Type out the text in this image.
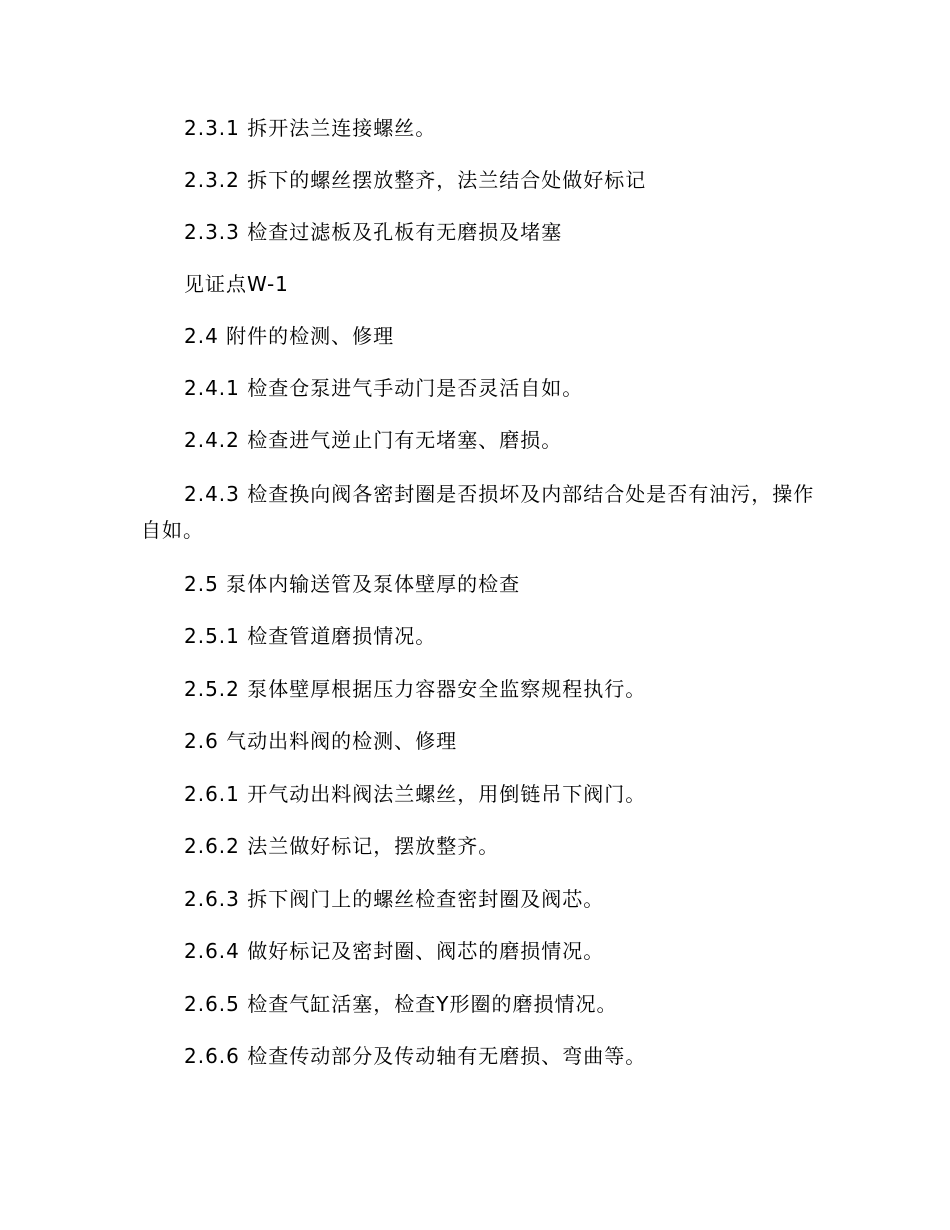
2.3.1 拆开法兰连接螺丝。

2.3.2 拆下的螺丝摆放整齐，法兰结合处做好标记

2.3.3 检查过滤板及孔板有无磨损及堵塞

见证点W-1

2.4 附件的检测、修理

2.4.1 检查仓泵进气手动门是否灵活自如。

2.4.2 检查进气逆止门有无堵塞、磨损。

2.4.3 检查换向阀各密封圈是否损坏及内部结合处是否有油污，操作自如。

2.5 泵体内输送管及泵体壁厚的检查

2.5.1 检查管道磨损情况。

2.5.2 泵体壁厚根据压力容器安全监察规程执行。

2.6 气动出料阀的检测、修理

2.6.1 开气动出料阀法兰螺丝，用倒链吊下阀门。

2.6.2 法兰做好标记，摆放整齐。

2.6.3 拆下阀门上的螺丝检查密封圈及阀芯。

2.6.4 做好标记及密封圈、阀芯的磨损情况。

2.6.5 检查气缸活塞，检查Y形圈的磨损情况。

2.6.6 检查传动部分及传动轴有无磨损、弯曲等。
